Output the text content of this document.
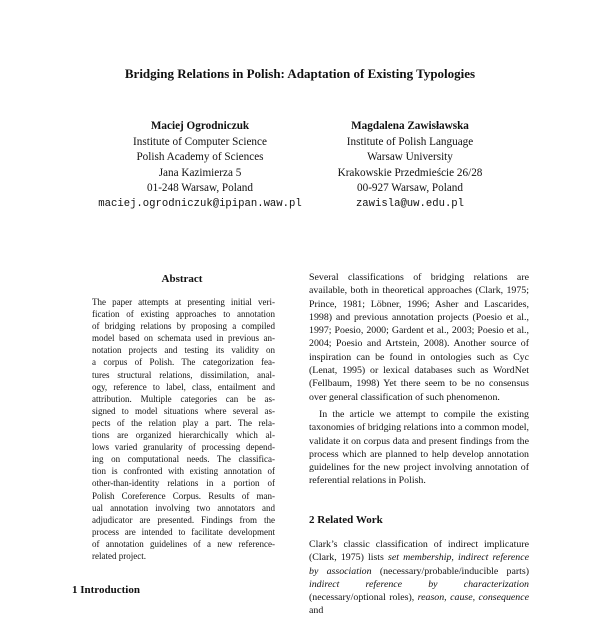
Bridging Relations in Polish: Adaptation of Existing Typologies
Maciej Ogrodniczuk
Institute of Computer Science
Polish Academy of Sciences
Jana Kazimierza 5
01-248 Warsaw, Poland
maciej.ogrodniczuk@ipipan.waw.pl
Magdalena Zawisławska
Institute of Polish Language
Warsaw University
Krakowskie Przedmieście 26/28
00-927 Warsaw, Poland
zawisla@uw.edu.pl
Abstract
The paper attempts at presenting initial veri-
fication of existing approaches to annotation
of bridging relations by proposing a compiled
model based on schemata used in previous an-
notation projects and testing its validity on
a corpus of Polish. The categorization fea-
tures structural relations, dissimilation, anal-
ogy, reference to label, class, entailment and
attribution. Multiple categories can be as-
signed to model situations where several as-
pects of the relation play a part. The rela-
tions are organized hierarchically which al-
lows varied granularity of processing depend-
ing on computational needs. The classifica-
tion is confronted with existing annotation of
other-than-identity relations in a portion of
Polish Coreference Corpus. Results of man-
ual annotation involving two annotators and
adjudicator are presented. Findings from the
process are intended to facilitate development
of annotation guidelines of a new reference-
related project.

Several classifications of bridging relations are available, both in theoretical approaches (Clark, 1975; Prince, 1981; Löbner, 1996; Asher and Lascarides, 1998) and previous annotation projects (Poesio et al., 1997; Poesio, 2000; Gardent et al., 2003; Poesio et al., 2004; Poesio and Artstein, 2008). Another source of inspiration can be found in ontologies such as Cyc (Lenat, 1995) or lexical databases such as WordNet (Fellbaum, 1998) Yet there seem to be no consensus over general classification of such phenomenon.

In the article we attempt to compile the existing taxonomies of bridging relations into a common model, validate it on corpus data and present findings from the process which are planned to help develop annotation guidelines for the new project involving annotation of referential relations in Polish.

2 Related Work
Clark’s classic classification of indirect implicature (Clark, 1975) lists set membership, indirect reference by association (necessary/probable/inducible parts) indirect reference by characterization (necessary/optional roles), reason, cause, consequence and
1 Introduction
